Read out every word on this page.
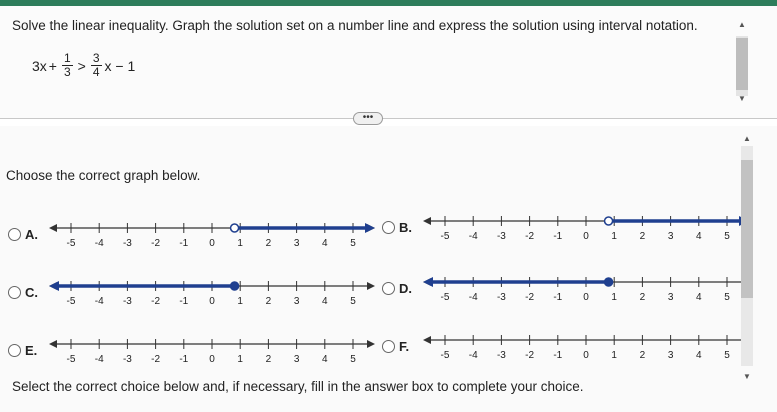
Solve the linear inequality. Graph the solution set on a number line and express the solution using interval notation.
$3x + \frac{1}{3} > \frac{3}{4}$ x − 1
▲
▼
•••
Choose the correct graph below.
A.
-5 -4 -3 -2 -1 0 1 2 3 4 5
B.
-5 -4 -3 -2 -1 0 1 2 3 4 5
C.
-5 -4 -3 -2 -1 0 1 2 3 4 5
D.
-5 -4 -3 -2 -1 0 1 2 3 4 5
E.
-5 -4 -3 -2 -1 0 1 2 3 4 5
F.
-5 -4 -3 -2 -1 0 1 2 3 4 5
Select the correct choice below and, if necessary, fill in the answer box to complete your choice.
▲
▼
